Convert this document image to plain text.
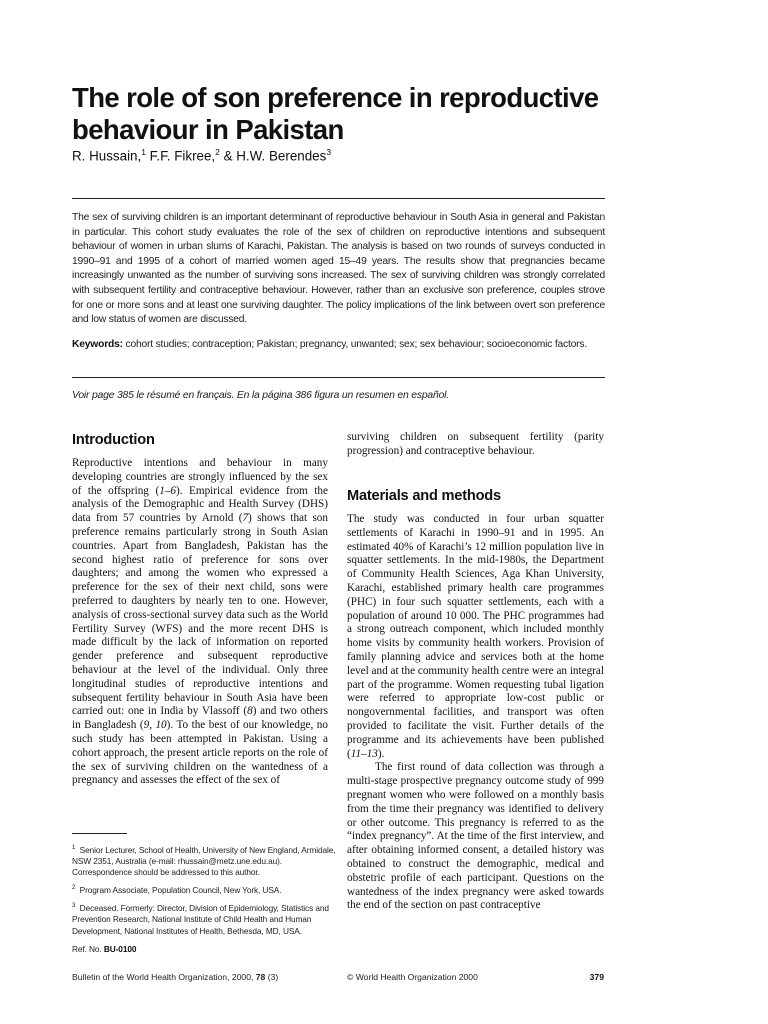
The role of son preference in reproductive behaviour in Pakistan
R. Hussain,$^1$ F.F. Fikree,$^2$ & H.W. Berendes$^3$

The sex of surviving children is an important determinant of reproductive behaviour in South Asia in general and Pakistan in particular. This cohort study evaluates the role of the sex of children on reproductive intentions and subsequent behaviour of women in urban slums of Karachi, Pakistan. The analysis is based on two rounds of surveys conducted in 1990–91 and 1995 of a cohort of married women aged 15–49 years. The results show that pregnancies became increasingly unwanted as the number of surviving sons increased. The sex of surviving children was strongly correlated with subsequent fertility and contraceptive behaviour. However, rather than an exclusive son preference, couples strove for one or more sons and at least one surviving daughter. The policy implications of the link between overt son preference and low status of women are discussed.

Keywords: cohort studies; contraception; Pakistan; pregnancy, unwanted; sex; sex behaviour; socioeconomic factors.

Voir page 385 le résumé en français. En la página 386 figura un resumen en español.
Introduction

Reproductive intentions and behaviour in many developing countries are strongly influenced by the sex of the offspring (1–6). Empirical evidence from the analysis of the Demographic and Health Survey (DHS) data from 57 countries by Arnold (7) shows that son preference remains particularly strong in South Asian countries. Apart from Bangladesh, Pakistan has the second highest ratio of preference for sons over daughters; and among the women who expressed a preference for the sex of their next child, sons were preferred to daughters by nearly ten to one. However, analysis of cross-sectional survey data such as the World Fertility Survey (WFS) and the more recent DHS is made difficult by the lack of information on reported gender preference and subsequent reproductive behaviour at the level of the individual. Only three longitudinal studies of reproductive intentions and subsequent fertility behaviour in South Asia have been carried out: one in India by Vlassoff (8) and two others in Bangladesh (9, 10). To the best of our knowledge, no such study has been attempted in Pakistan. Using a cohort approach, the present article reports on the role of the sex of surviving children on the wantedness of a pregnancy and assesses the effect of the sex of

surviving children on subsequent fertility (parity progression) and contraceptive behaviour.

Materials and methods

The study was conducted in four urban squatter settlements of Karachi in 1990–91 and in 1995. An estimated 40% of Karachi’s 12 million population live in squatter settlements. In the mid-1980s, the Department of Community Health Sciences, Aga Khan University, Karachi, established primary health care programmes (PHC) in four such squatter settlements, each with a population of around 10 000. The PHC programmes had a strong outreach component, which included monthly home visits by community health workers. Provision of family planning advice and services both at the home level and at the community health centre were an integral part of the programme. Women requesting tubal ligation were referred to appropriate low-cost public or nongovernmental facilities, and transport was often provided to facilitate the visit. Further details of the programme and its achievements have been published (11–13).

The first round of data collection was through a multi-stage prospective pregnancy outcome study of 999 pregnant women who were followed on a monthly basis from the time their pregnancy was identified to delivery or other outcome. This pregnancy is referred to as the “index pregnancy”. At the time of the first interview, and after obtaining informed consent, a detailed history was obtained to construct the demographic, medical and obstetric profile of each participant. Questions on the wantedness of the index pregnancy were asked towards the end of the section on past contraceptive

$^1$ Senior Lecturer, School of Health, University of New England, Armidale, NSW 2351, Australia (e-mail: rhussain@metz.une.edu.au). Correspondence should be addressed to this author.

$^2$ Program Associate, Population Council, New York, USA.

$^3$ Deceased. Formerly: Director, Division of Epidemiology, Statistics and Prevention Research, National Institute of Child Health and Human Development, National Institutes of Health, Bethesda, MD, USA.

Ref. No. BU-0100
Bulletin of the World Health Organization, 2000, 78 (3)	© World Health Organization 2000	379
